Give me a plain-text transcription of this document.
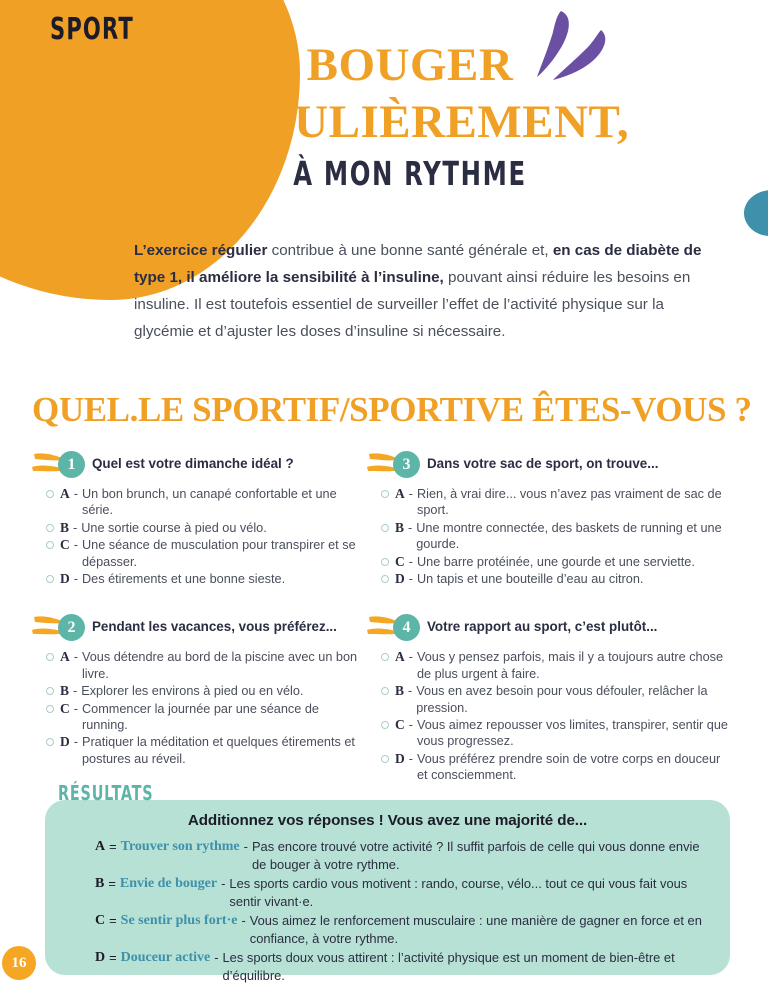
SPORT
BOUGER
RÉGULIÈREMENT,
À MON RYTHME

L’exercice régulier contribue à une bonne santé générale et, en cas de diabète de type 1, il améliore la sensibilité à l’insuline, pouvant ainsi réduire les besoins en insuline. Il est toutefois essentiel de surveiller l’effet de l’activité physique sur la glycémie et d’ajuster les doses d’insuline si nécessaire.

QUEL.LE SPORTIF/SPORTIVE ÊTES-VOUS ?
1	Quel est votre dimanche idéal ?
A - Un bon brunch, un canapé confortable et une série.
B - Une sortie course à pied ou vélo.
C - Une séance de musculation pour transpirer et se dépasser.
D - Des étirements et une bonne sieste.
3	Dans votre sac de sport, on trouve...
A - Rien, à vrai dire... vous n’avez pas vraiment de sac de sport.
B - Une montre connectée, des baskets de running et une gourde.
C - Une barre protéinée, une gourde et une serviette.
D - Un tapis et une bouteille d’eau au citron.
2	Pendant les vacances, vous préférez...
A - Vous détendre au bord de la piscine avec un bon livre.
B - Explorer les environs à pied ou en vélo.
C - Commencer la journée par une séance de running.
D - Pratiquer la méditation et quelques étirements et postures au réveil.
4	Votre rapport au sport, c’est plutôt...
A - Vous y pensez parfois, mais il y a toujours autre chose de plus urgent à faire.
B - Vous en avez besoin pour vous défouler, relâcher la pression.
C - Vous aimez repousser vos limites, transpirer, sentir que vous progressez.
D - Vous préférez prendre soin de votre corps en douceur et consciemment.
RÉSULTATS
Additionnez vos réponses ! Vous avez une majorité de...
A = Trouver son rythme - Pas encore trouvé votre activité ? Il suffit parfois de celle qui vous donne envie de bouger à votre rythme.
B = Envie de bouger - Les sports cardio vous motivent : rando, course, vélo... tout ce qui vous fait vous sentir vivant·e.
C = Se sentir plus fort·e - Vous aimez le renforcement musculaire : une manière de gagner en force et en confiance, à votre rythme.
D = Douceur active - Les sports doux vous attirent : l’activité physique est un moment de bien-être et d’équilibre.
16
